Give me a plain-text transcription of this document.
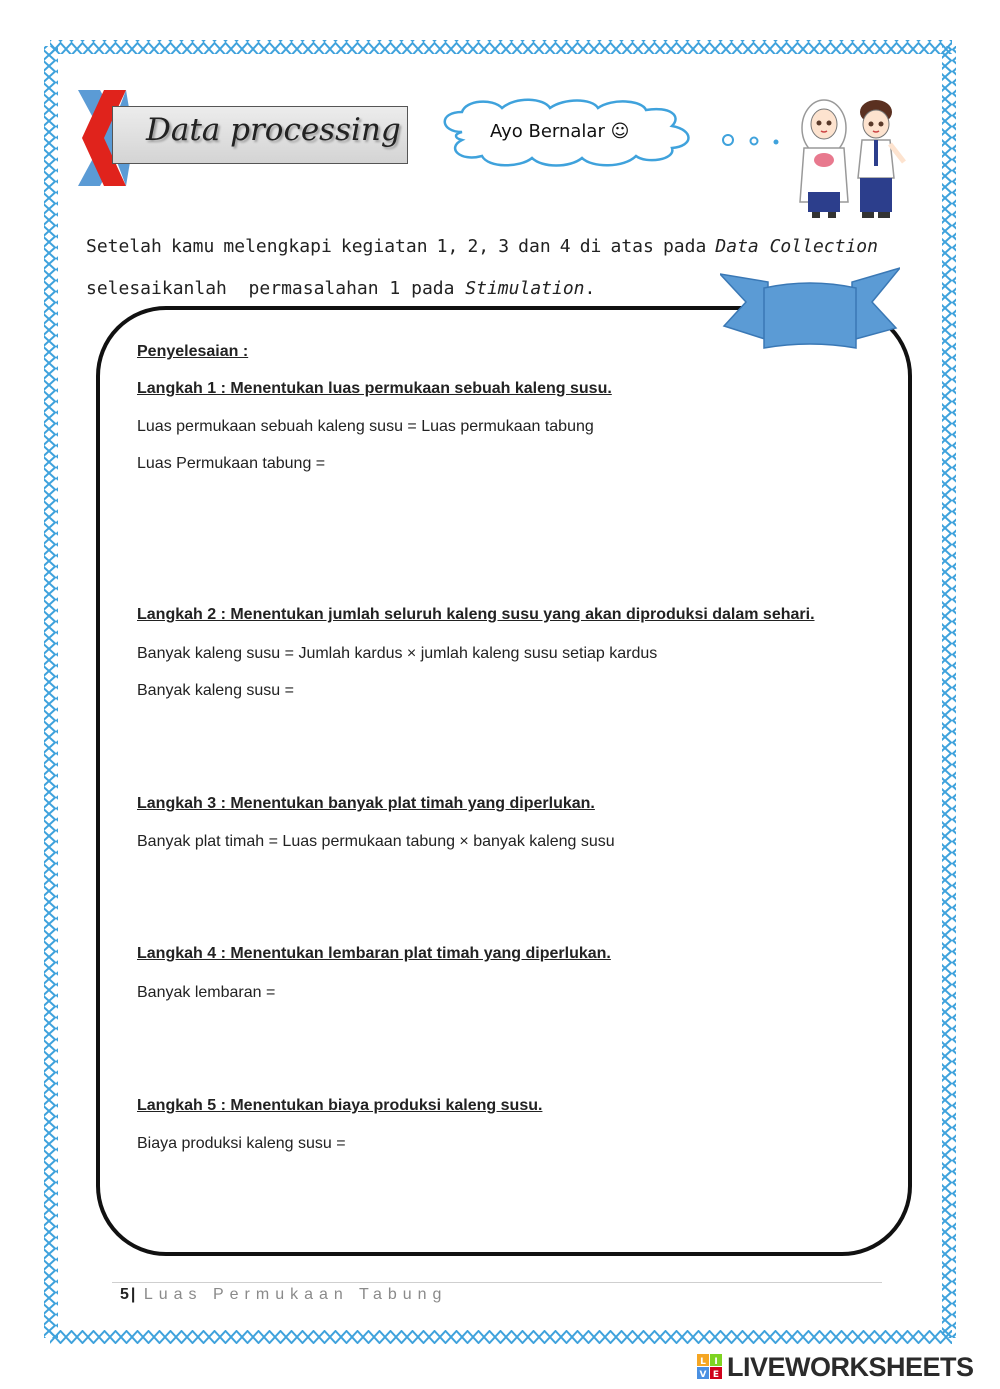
Data processing	Ayo Bernalar ☺
Setelah kamu melengkapi kegiatan 1, 2, 3 dan 4 di atas pada Data Collection
selesaikanlah  permasalahan 1 pada Stimulation.
Penyelesaian :
Langkah 1 : Menentukan luas permukaan sebuah kaleng susu.
Luas permukaan sebuah kaleng susu = Luas permukaan tabung
Luas Permukaan tabung =
Langkah 2 : Menentukan jumlah seluruh kaleng susu yang akan diproduksi dalam sehari.
Banyak kaleng susu = Jumlah kardus × jumlah kaleng susu setiap kardus
Banyak kaleng susu =
Langkah 3 : Menentukan banyak plat timah yang diperlukan.
Banyak plat timah = Luas permukaan tabung × banyak kaleng susu
Langkah 4 : Menentukan lembaran plat timah yang diperlukan.
Banyak lembaran =
Langkah 5 : Menentukan biaya produksi kaleng susu.
Biaya produksi kaleng susu =
5 | Luas Permukaan Tabung
L I
V E LIVEWORKSHEETS
